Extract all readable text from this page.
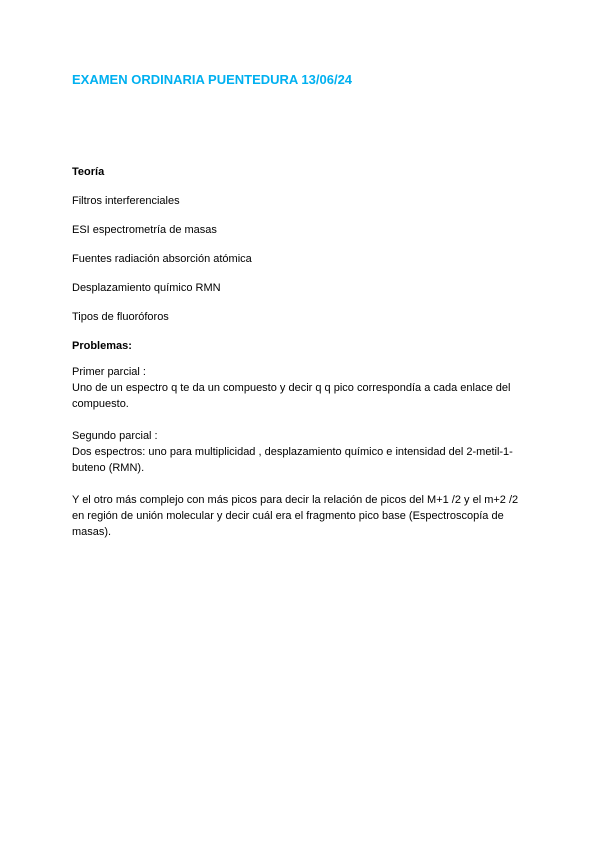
EXAMEN ORDINARIA PUENTEDURA 13/06/24
Teoría
Filtros interferenciales
ESI espectrometría de masas
Fuentes radiación absorción atómica
Desplazamiento químico RMN
Tipos de fluoróforos
Problemas:

Primer parcial :

Uno de un espectro q te da un compuesto y decir q q pico correspondía a cada enlace del compuesto.

Segundo parcial :

Dos espectros: uno para multiplicidad , desplazamiento químico e intensidad del 2-metil-1-buteno (RMN).

Y el otro más complejo con más picos para decir la relación de picos del M+1 /2 y el m+2 /2 en región de unión molecular y decir cuál era el fragmento pico base (Espectroscopía de masas).
